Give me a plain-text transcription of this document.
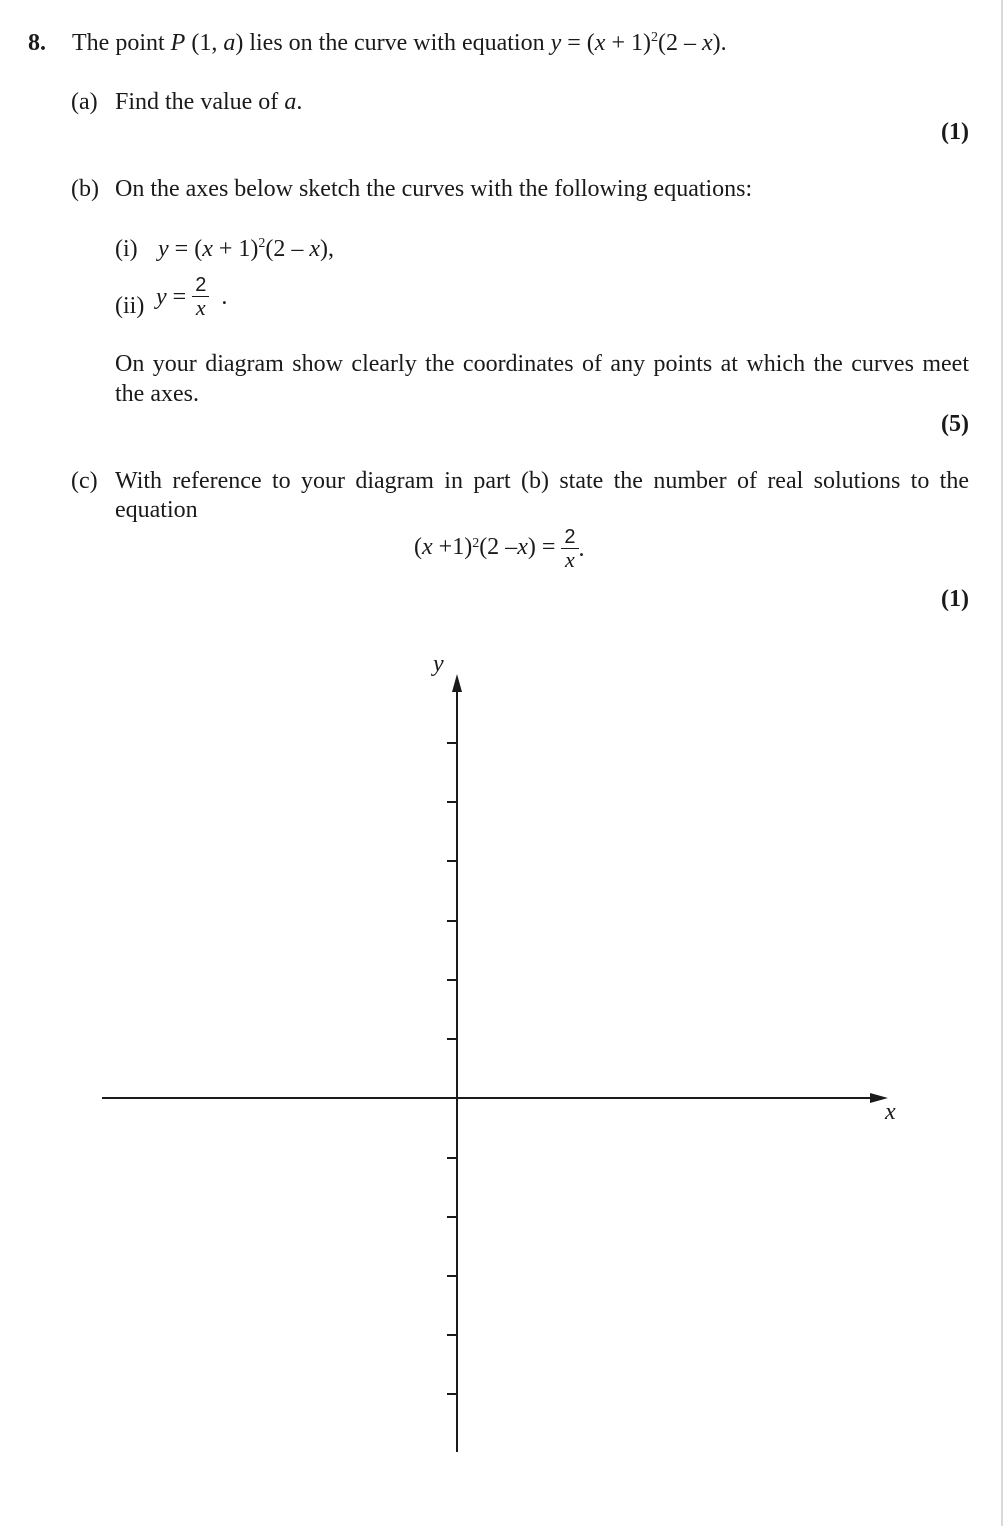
8. The point P (1, a) lies on the curve with equation $y = (x + 1)^2(2 - x)$.
(a) Find the value of a.
(1)
(b) On the axes below sketch the curves with the following equations:
(i) $y = (x + 1)^2(2 - x)$,
(ii) $y = \frac{2}{x}$ .
On your diagram show clearly the coordinates of any points at which the curves meet
the axes.
(5)
(c) With reference to your diagram in part (b) state the number of real solutions to the
equation
$(x +1)^2(2$ $-x) = \frac{2}{x}$ .
(1)
x
y
